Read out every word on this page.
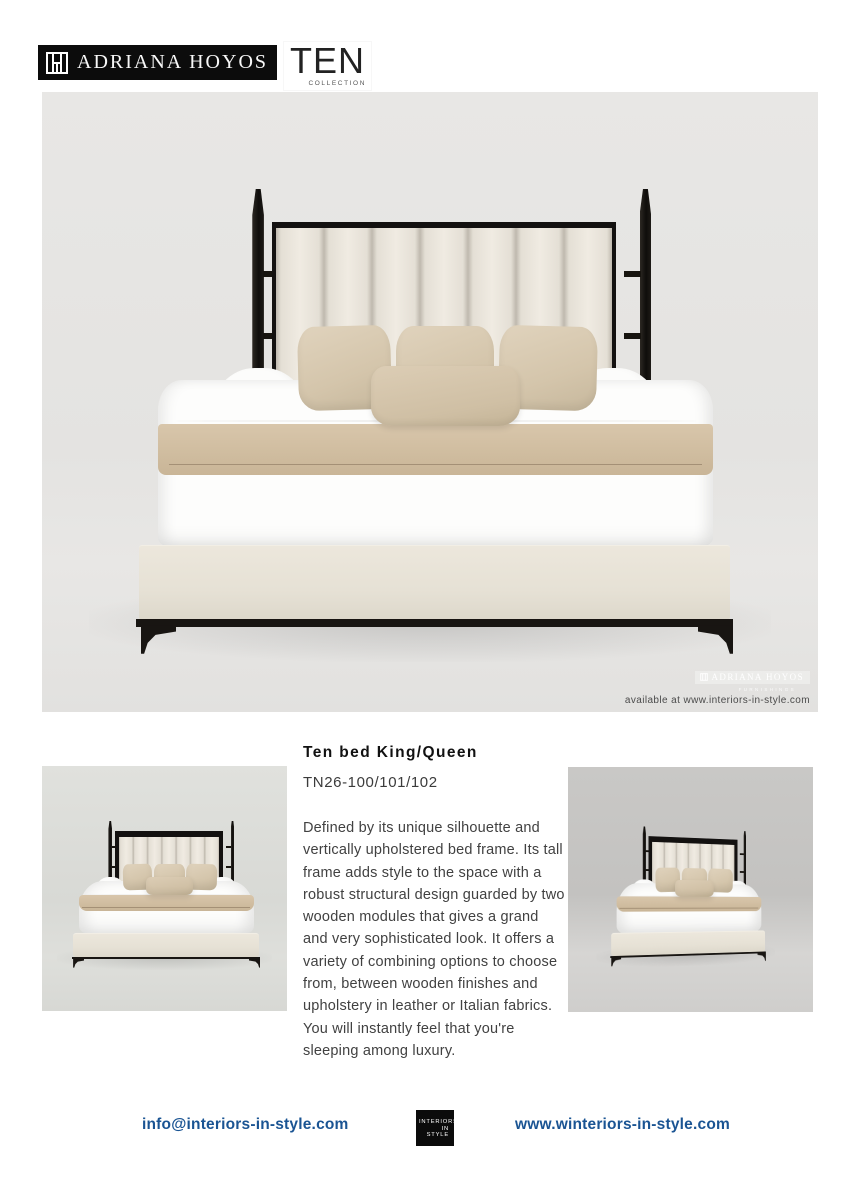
ADRIANA HOYOS TEN
COLLECTION
ADRIANA HOYOS
FURNISHINGS
available at www.interiors-in-style.com
Ten bed King/Queen
TN26-100/101/102

Defined by its unique silhouette and vertically upholstered bed frame. Its tall frame adds style to the space with a robust structural design guarded by two wooden modules that gives a grand and very sophisticated look. It offers a variety of combining options to choose from, between wooden finishes and upholstery in leather or Italian fabrics. You will instantly feel that you're sleeping among luxury.

info@interiors-in-style.com	INTERIORS
IN STYLE
www.winteriors-in-style.com
